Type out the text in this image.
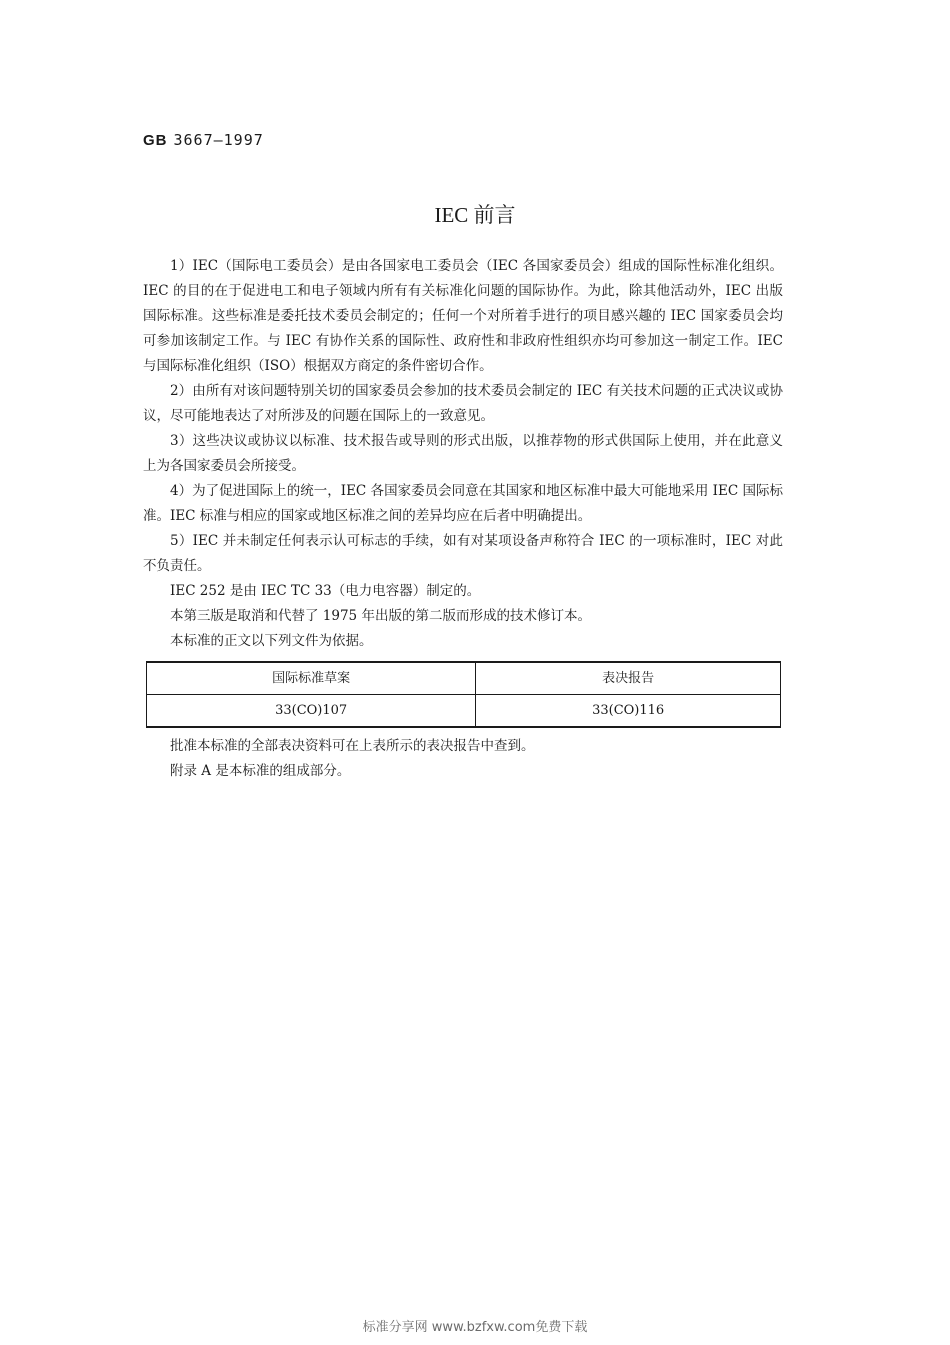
GB 3667—1997
IEC 前言

1）IEC（国际电工委员会）是由各国家电工委员会（IEC 各国家委员会）组成的国际性标准化组织。IEC 的目的在于促进电工和电子领域内所有有关标准化问题的国际协作。为此，除其他活动外，IEC 出版国际标准。这些标准是委托技术委员会制定的；任何一个对所着手进行的项目感兴趣的 IEC 国家委员会均可参加该制定工作。与 IEC 有协作关系的国际性、政府性和非政府性组织亦均可参加这一制定工作。IEC 与国际标准化组织（ISO）根据双方商定的条件密切合作。

2）由所有对该问题特别关切的国家委员会参加的技术委员会制定的 IEC 有关技术问题的正式决议或协议，尽可能地表达了对所涉及的问题在国际上的一致意见。

3）这些决议或协议以标准、技术报告或导则的形式出版，以推荐物的形式供国际上使用，并在此意义上为各国家委员会所接受。

4）为了促进国际上的统一，IEC 各国家委员会同意在其国家和地区标准中最大可能地采用 IEC 国际标准。IEC 标准与相应的国家或地区标准之间的差异均应在后者中明确提出。

5）IEC 并未制定任何表示认可标志的手续，如有对某项设备声称符合 IEC 的一项标准时，IEC 对此不负责任。

IEC 252 是由 IEC TC 33（电力电容器）制定的。

本第三版是取消和代替了 1975 年出版的第二版而形成的技术修订本。

本标准的正文以下列文件为依据。

国际标准草案	表决报告
33(CO)107	33(CO)116

批准本标准的全部表决资料可在上表所示的表决报告中查到。

附录 A 是本标准的组成部分。

标准分享网 www.bzfxw.com免费下载
